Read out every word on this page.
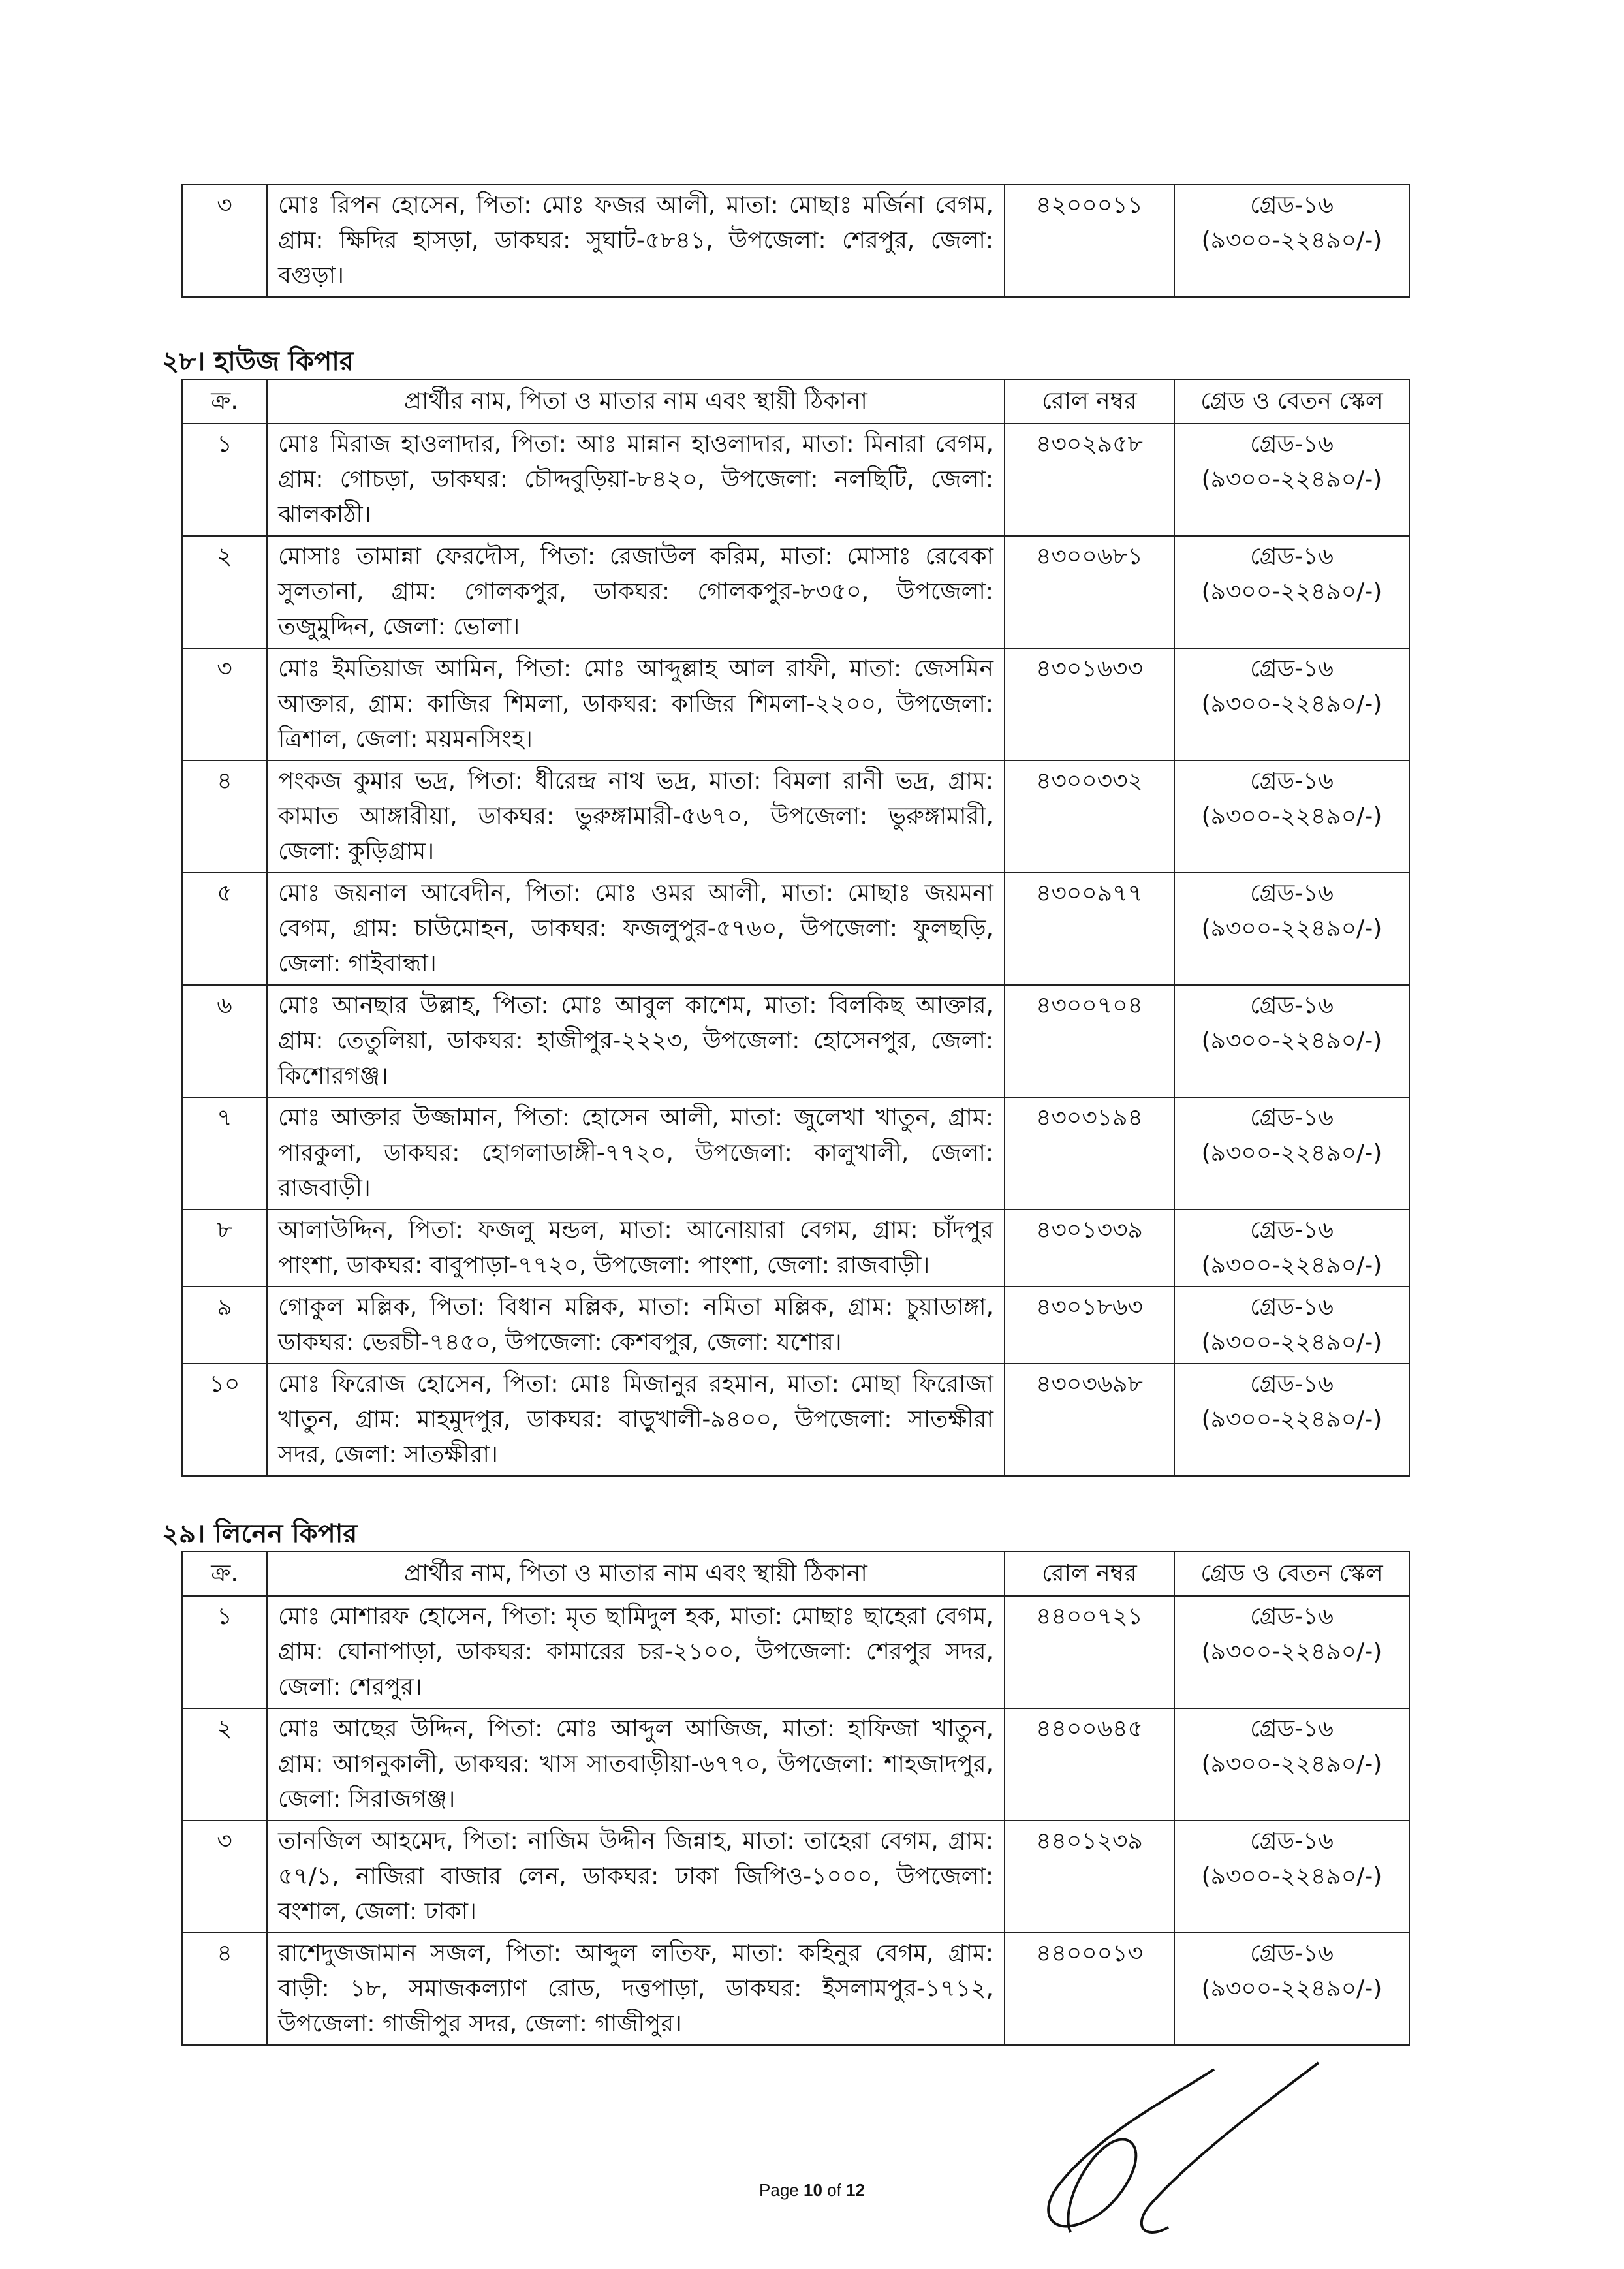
৩	মোঃ রিপন হোসেন, পিতা: মোঃ ফজর আলী, মাতা: মোছাঃ মর্জিনা বেগম, গ্রাম: ক্ষিদির হাসড়া, ডাকঘর: সুঘাট-৫৮৪১, উপজেলা: শেরপুর, জেলা: বগুড়া।	৪২০০০১১	গ্রেড-১৬
(৯৩০০-২২৪৯০/-)
২৮। হাউজ কিপার
ক্র.	প্রার্থীর নাম, পিতা ও মাতার নাম এবং স্থায়ী ঠিকানা	রোল নম্বর	গ্রেড ও বেতন স্কেল
১	মোঃ মিরাজ হাওলাদার, পিতা: আঃ মান্নান হাওলাদার, মাতা: মিনারা বেগম, গ্রাম: গোচড়া, ডাকঘর: চৌদ্দবুড়িয়া-৮৪২০, উপজেলা: নলছিটি, জেলা: ঝালকাঠী।	৪৩০২৯৫৮	গ্রেড-১৬
(৯৩০০-২২৪৯০/-)

২	মোসাঃ তামান্না ফেরদৌস, পিতা: রেজাউল করিম, মাতা: মোসাঃ রেবেকা সুলতানা, গ্রাম: গোলকপুর, ডাকঘর: গোলকপুর-৮৩৫০, উপজেলা: তজুমুদ্দিন, জেলা: ভোলা।	৪৩০০৬৮১	গ্রেড-১৬
(৯৩০০-২২৪৯০/-)

৩	মোঃ ইমতিয়াজ আমিন, পিতা: মোঃ আব্দুল্লাহ আল রাফী, মাতা: জেসমিন আক্তার, গ্রাম: কাজির শিমলা, ডাকঘর: কাজির শিমলা-২২০০, উপজেলা: ত্রিশাল, জেলা: ময়মনসিংহ।	৪৩০১৬৩৩	গ্রেড-১৬
(৯৩০০-২২৪৯০/-)

৪	পংকজ কুমার ভদ্র, পিতা: ধীরেন্দ্র নাথ ভদ্র, মাতা: বিমলা রানী ভদ্র, গ্রাম: কামাত আঙ্গারীয়া, ডাকঘর: ভুরুঙ্গামারী-৫৬৭০, উপজেলা: ভুরুঙ্গামারী, জেলা: কুড়িগ্রাম।	৪৩০০৩৩২	গ্রেড-১৬
(৯৩০০-২২৪৯০/-)

৫	মোঃ জয়নাল আবেদীন, পিতা: মোঃ ওমর আলী, মাতা: মোছাঃ জয়মনা বেগম, গ্রাম: চাউমোহন, ডাকঘর: ফজলুপুর-৫৭৬০, উপজেলা: ফুলছড়ি, জেলা: গাইবান্ধা।	৪৩০০৯৭৭	গ্রেড-১৬
(৯৩০০-২২৪৯০/-)

৬	মোঃ আনছার উল্লাহ, পিতা: মোঃ আবুল কাশেম, মাতা: বিলকিছ আক্তার, গ্রাম: তেতুলিয়া, ডাকঘর: হাজীপুর-২২২৩, উপজেলা: হোসেনপুর, জেলা: কিশোরগঞ্জ।	৪৩০০৭০৪	গ্রেড-১৬
(৯৩০০-২২৪৯০/-)

৭	মোঃ আক্তার উজ্জামান, পিতা: হোসেন আলী, মাতা: জুলেখা খাতুন, গ্রাম: পারকুলা, ডাকঘর: হোগলাডাঙ্গী-৭৭২০, উপজেলা: কালুখালী, জেলা: রাজবাড়ী।	৪৩০৩১৯৪	গ্রেড-১৬
(৯৩০০-২২৪৯০/-)

৮	আলাউদ্দিন, পিতা: ফজলু মন্ডল, মাতা: আনোয়ারা বেগম, গ্রাম: চাঁদপুর পাংশা, ডাকঘর: বাবুপাড়া-৭৭২০, উপজেলা: পাংশা, জেলা: রাজবাড়ী।	৪৩০১৩৩৯	গ্রেড-১৬
(৯৩০০-২২৪৯০/-)

৯	গোকুল মল্লিক, পিতা: বিধান মল্লিক, মাতা: নমিতা মল্লিক, গ্রাম: চুয়াডাঙ্গা, ডাকঘর: ভেরচী-৭৪৫০, উপজেলা: কেশবপুর, জেলা: যশোর।	৪৩০১৮৬৩	গ্রেড-১৬
(৯৩০০-২২৪৯০/-)

১০	মোঃ ফিরোজ হোসেন, পিতা: মোঃ মিজানুর রহমান, মাতা: মোছা ফিরোজা খাতুন, গ্রাম: মাহমুদপুর, ডাকঘর: বাড়ুখালী-৯৪০০, উপজেলা: সাতক্ষীরা সদর, জেলা: সাতক্ষীরা।	৪৩০৩৬৯৮	গ্রেড-১৬
(৯৩০০-২২৪৯০/-)
২৯। লিনেন কিপার
ক্র.	প্রার্থীর নাম, পিতা ও মাতার নাম এবং স্থায়ী ঠিকানা	রোল নম্বর	গ্রেড ও বেতন স্কেল
১	মোঃ মোশারফ হোসেন, পিতা: মৃত ছামিদুল হক, মাতা: মোছাঃ ছাহেরা বেগম, গ্রাম: ঘোনাপাড়া, ডাকঘর: কামারের চর-২১০০, উপজেলা: শেরপুর সদর, জেলা: শেরপুর।	৪৪০০৭২১	গ্রেড-১৬
(৯৩০০-২২৪৯০/-)

২	মোঃ আছের উদ্দিন, পিতা: মোঃ আব্দুল আজিজ, মাতা: হাফিজা খাতুন, গ্রাম: আগনুকালী, ডাকঘর: খাস সাতবাড়ীয়া-৬৭৭০, উপজেলা: শাহজাদপুর, জেলা: সিরাজগঞ্জ।	৪৪০০৬৪৫	গ্রেড-১৬
(৯৩০০-২২৪৯০/-)

৩	তানজিল আহমেদ, পিতা: নাজিম উদ্দীন জিন্নাহ, মাতা: তাহেরা বেগম, গ্রাম: ৫৭/১, নাজিরা বাজার লেন, ডাকঘর: ঢাকা জিপিও-১০০০, উপজেলা: বংশাল, জেলা: ঢাকা।	৪৪০১২৩৯	গ্রেড-১৬
(৯৩০০-২২৪৯০/-)

৪	রাশেদুজজামান সজল, পিতা: আব্দুল লতিফ, মাতা: কহিনুর বেগম, গ্রাম: বাড়ী: ১৮, সমাজকল্যাণ রোড, দত্তপাড়া, ডাকঘর: ইসলামপুর-১৭১২, উপজেলা: গাজীপুর সদর, জেলা: গাজীপুর।	৪৪০০০১৩	গ্রেড-১৬
(৯৩০০-২২৪৯০/-)
Page 10 of 12
